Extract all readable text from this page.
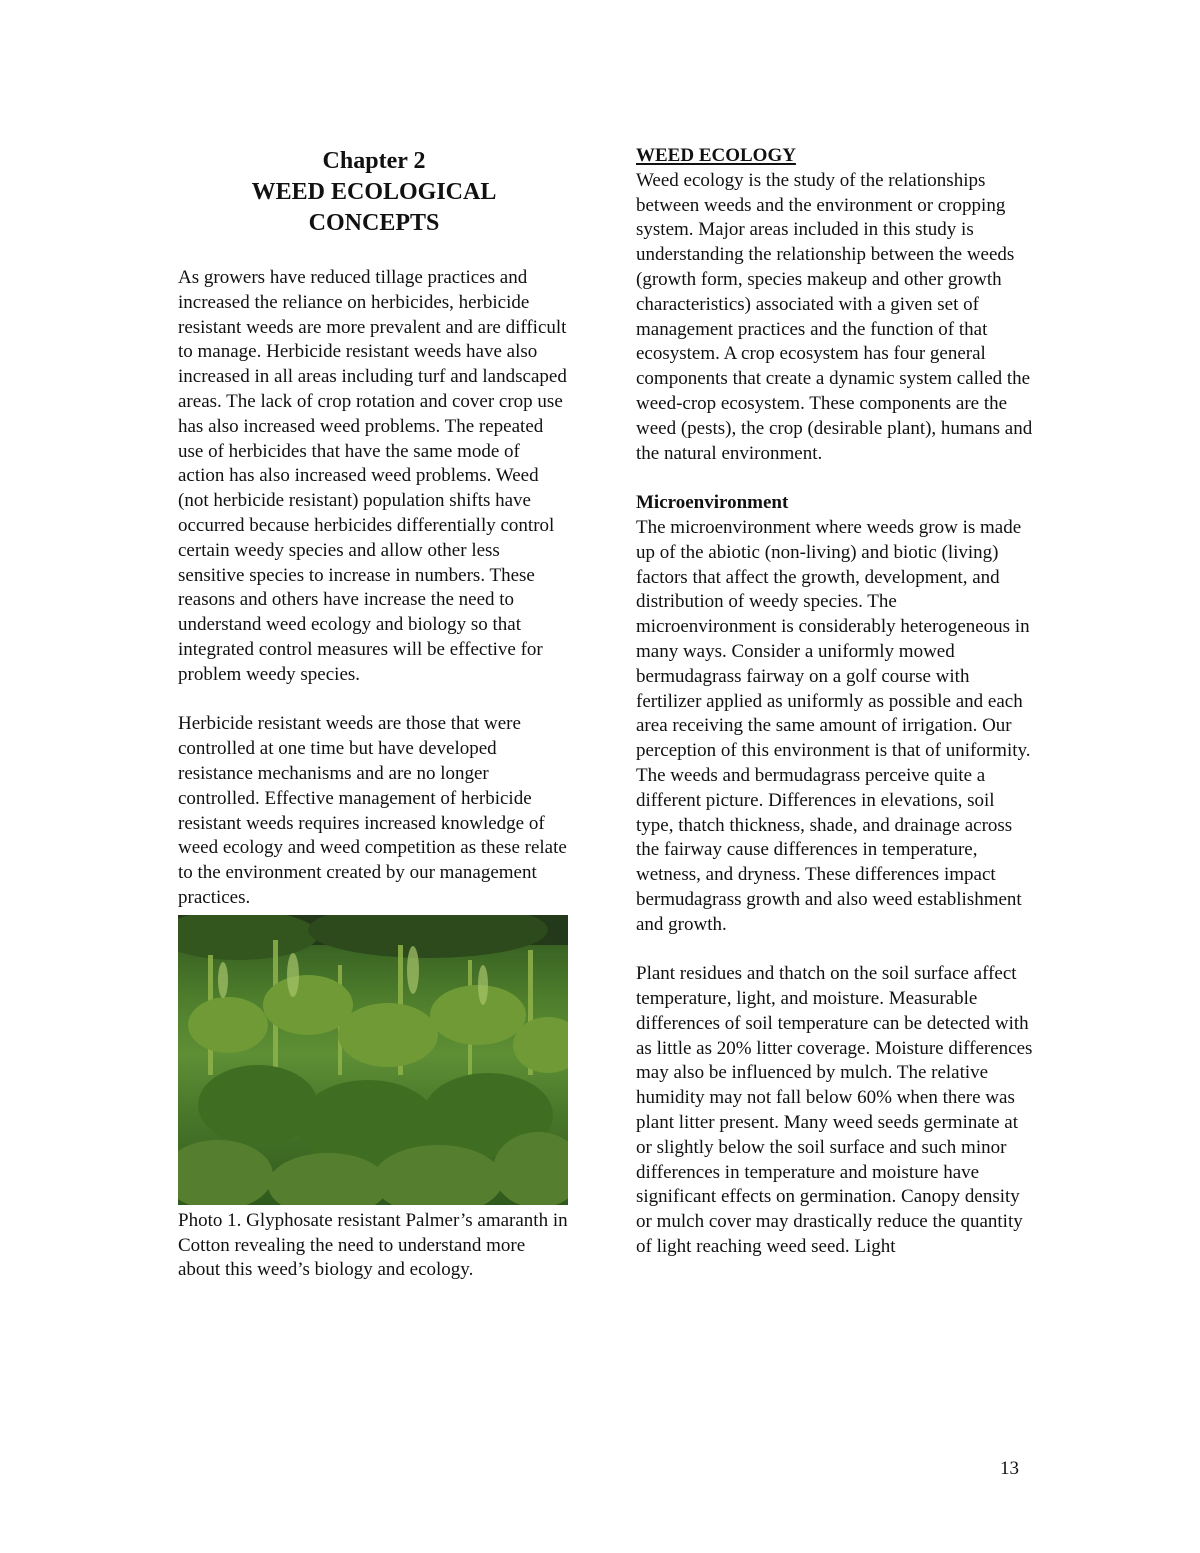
Chapter 2
WEED ECOLOGICAL
CONCEPTS

As growers have reduced tillage practices and increased the reliance on herbicides, herbicide resistant weeds are more prevalent and are difficult to manage. Herbicide resistant weeds have also increased in all areas including turf and landscaped areas. The lack of crop rotation and cover crop use has also increased weed problems. The repeated use of herbicides that have the same mode of action has also increased weed problems. Weed (not herbicide resistant) population shifts have occurred because herbicides differentially control certain weedy species and allow other less sensitive species to increase in numbers. These reasons and others have increase the need to understand weed ecology and biology so that integrated control measures will be effective for problem weedy species.

Herbicide resistant weeds are those that were controlled at one time but have developed resistance mechanisms and are no longer controlled. Effective management of herbicide resistant weeds requires increased knowledge of weed ecology and weed competition as these relate to the environment created by our management practices.

Photo 1. Glyphosate resistant Palmer’s amaranth in Cotton revealing the need to understand more about this weed’s biology and ecology.

WEED ECOLOGY

Weed ecology is the study of the relationships between weeds and the environment or cropping system. Major areas included in this study is understanding the relationship between the weeds (growth form, species makeup and other growth characteristics) associated with a given set of management practices and the function of that ecosystem. A crop ecosystem has four general components that create a dynamic system called the weed-crop ecosystem. These components are the weed (pests), the crop (desirable plant), humans and the natural environment.

Microenvironment

The microenvironment where weeds grow is made up of the abiotic (non-living) and biotic (living) factors that affect the growth, development, and distribution of weedy species. The microenvironment is considerably heterogeneous in many ways. Consider a uniformly mowed bermudagrass fairway on a golf course with fertilizer applied as uniformly as possible and each area receiving the same amount of irrigation. Our perception of this environment is that of uniformity. The weeds and bermudagrass perceive quite a different picture. Differences in elevations, soil type, thatch thickness, shade, and drainage across the fairway cause differences in temperature, wetness, and dryness. These differences impact bermudagrass growth and also weed establishment and growth.

Plant residues and thatch on the soil surface affect temperature, light, and moisture. Measurable differences of soil temperature can be detected with as little as 20% litter coverage. Moisture differences may also be influenced by mulch. The relative humidity may not fall below 60% when there was plant litter present. Many weed seeds germinate at or slightly below the soil surface and such minor differences in temperature and moisture have significant effects on germination. Canopy density or mulch cover may drastically reduce the quantity of light reaching weed seed. Light

13
